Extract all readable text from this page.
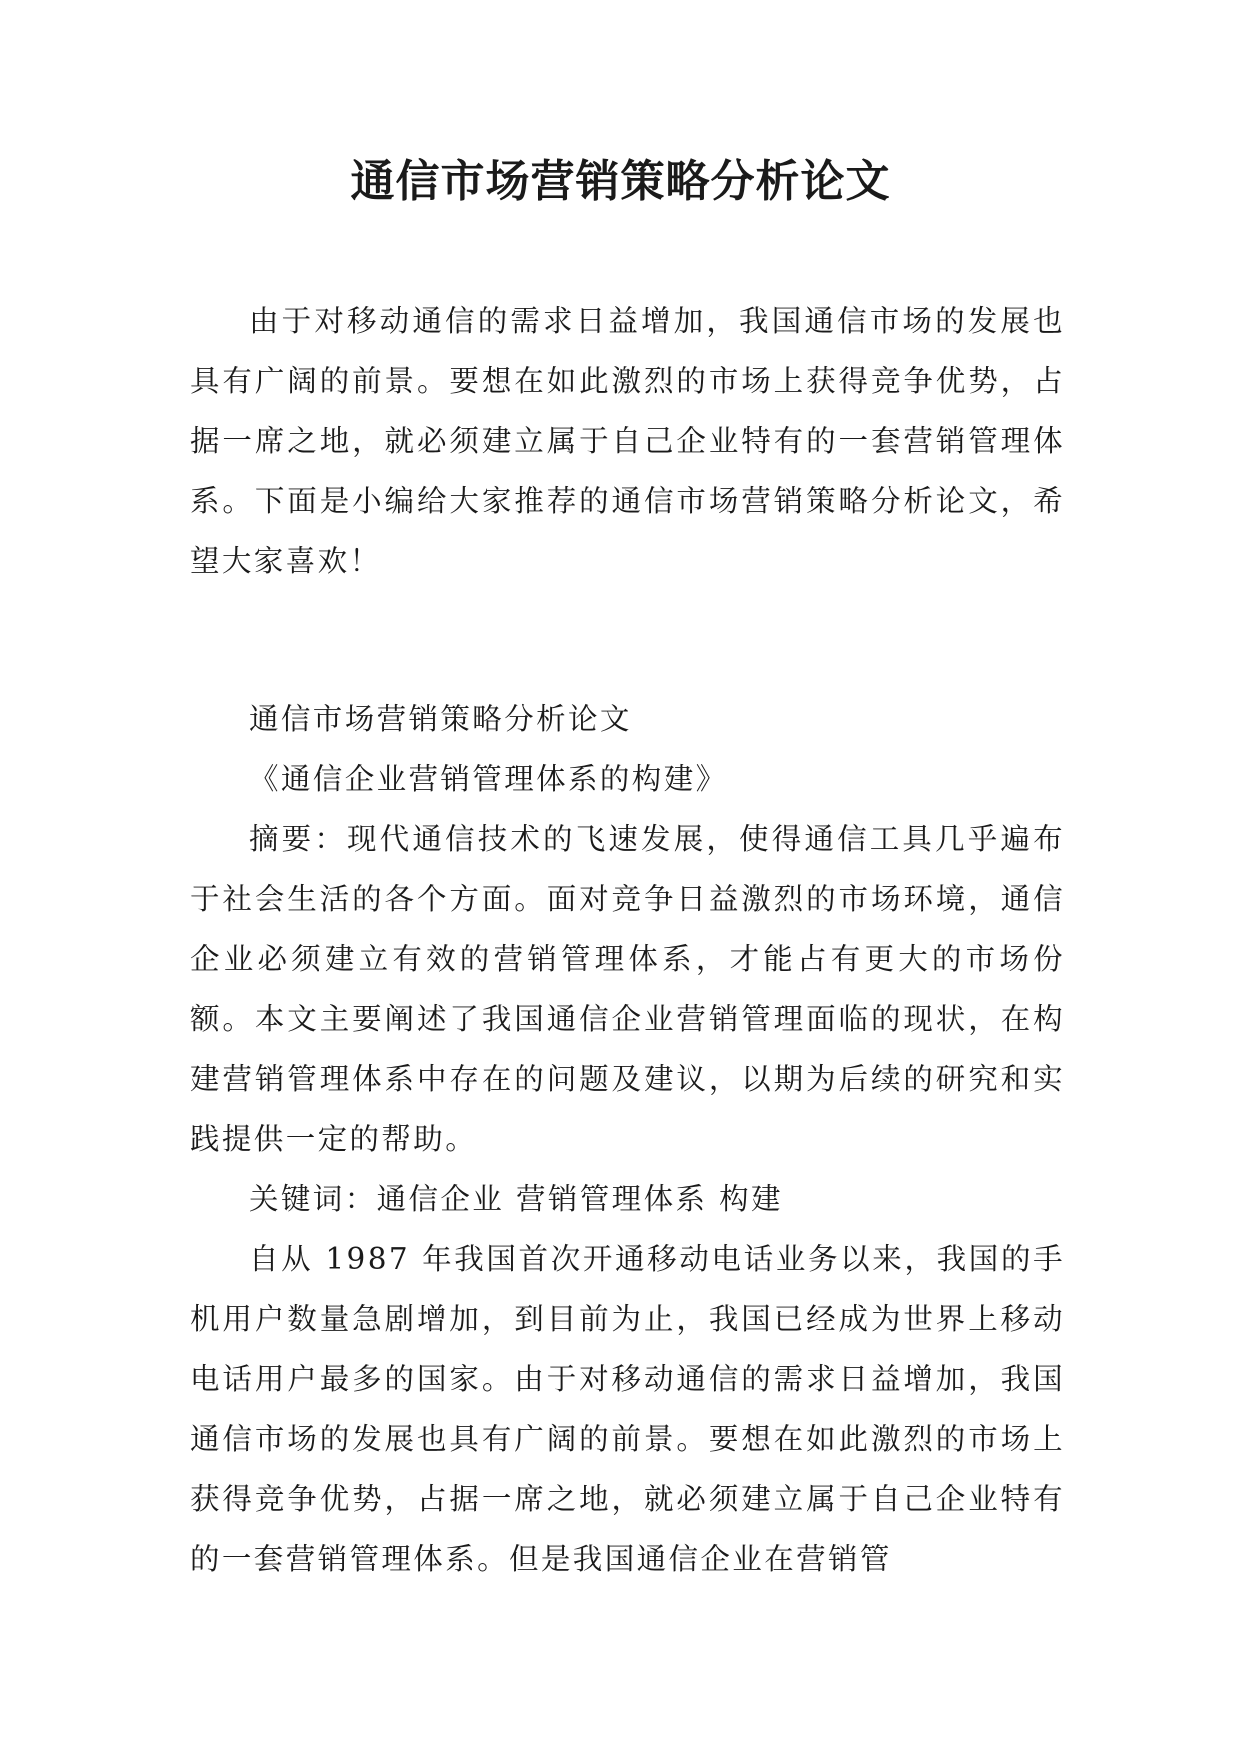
通信市场营销策略分析论文

由于对移动通信的需求日益增加，我国通信市场的发展也具有广阔的前景。要想在如此激烈的市场上获得竞争优势，占据一席之地，就必须建立属于自己企业特有的一套营销管理体系。下面是小编给大家推荐的通信市场营销策略分析论文，希望大家喜欢！

通信市场营销策略分析论文

《通信企业营销管理体系的构建》

摘要：现代通信技术的飞速发展，使得通信工具几乎遍布于社会生活的各个方面。面对竞争日益激烈的市场环境，通信企业必须建立有效的营销管理体系，才能占有更大的市场份额。本文主要阐述了我国通信企业营销管理面临的现状，在构建营销管理体系中存在的问题及建议，以期为后续的研究和实践提供一定的帮助。

关键词：通信企业 营销管理体系 构建

自从 1987 年我国首次开通移动电话业务以来，我国的手机用户数量急剧增加，到目前为止，我国已经成为世界上移动电话用户最多的国家。由于对移动通信的需求日益增加，我国通信市场的发展也具有广阔的前景。要想在如此激烈的市场上获得竞争优势，占据一席之地，就必须建立属于自己企业特有的一套营销管理体系。但是我国通信企业在营销管
